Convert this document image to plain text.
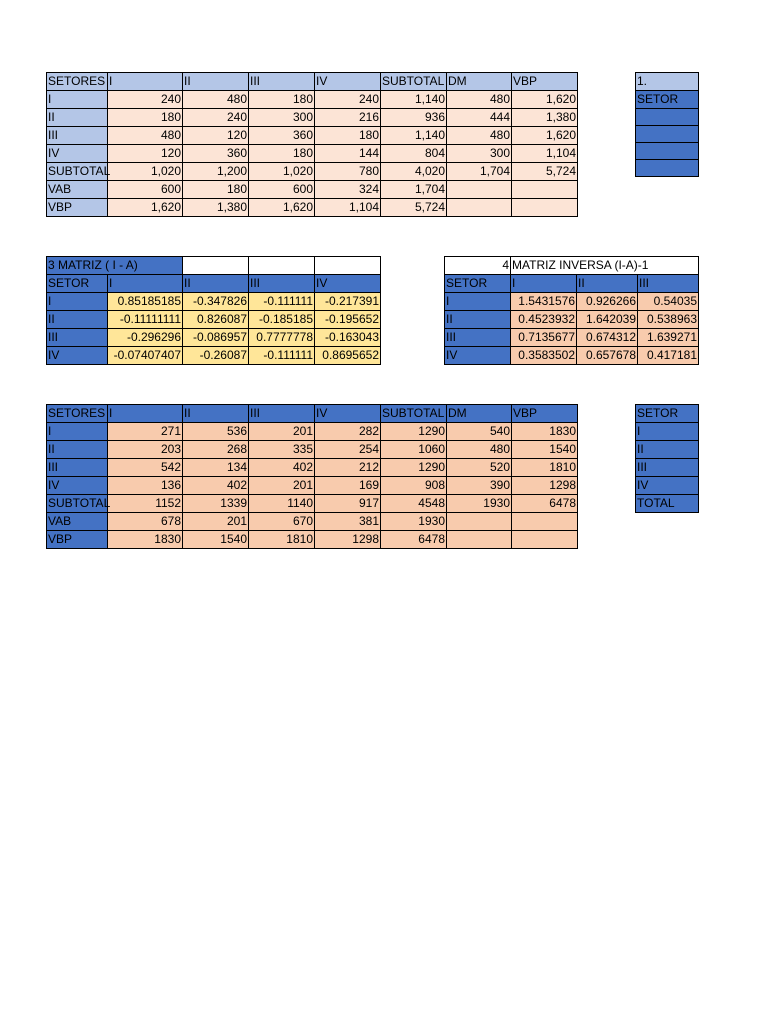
SETORES	I	II	III	IV	SUBTOTAL	DM	VBP
I	240	480	180	240	1,140	480	1,620
II	180	240	300	216	936	444	1,380
III	480	120	360	180	1,140	480	1,620
IV	120	360	180	144	804	300	1,104
SUBTOTAL	1,020	1,200	1,020	780	4,020	1,704	5,724
VAB	600	180	600	324	1,704		
VBP	1,620	1,380	1,620	1,104	5,724		
1.
SETOR

3 MATRIZ ( I - A)				
SETOR	I	II	III	IV
I	0.85185185	-0.347826	-0.111111	-0.217391
II	-0.11111111	0.826087	-0.185185	-0.195652
III	-0.296296	-0.086957	0.7777778	-0.163043
IV	-0.07407407	-0.26087	-0.111111	0.8695652
4	MATRIZ INVERSA (I-A)-1		
SETOR	I	II	III
I	1.5431576	0.926266	0.54035
II	0.4523932	1.642039	0.538963
III	0.7135677	0.674312	1.639271
IV	0.3583502	0.657678	0.417181
SETORES	I	II	III	IV	SUBTOTAL	DM	VBP
I	271	536	201	282	1290	540	1830
II	203	268	335	254	1060	480	1540
III	542	134	402	212	1290	520	1810
IV	136	402	201	169	908	390	1298
SUBTOTAL	1152	1339	1140	917	4548	1930	6478
VAB	678	201	670	381	1930		
VBP	1830	1540	1810	1298	6478		
SETOR
I
II
III
IV
TOTAL
